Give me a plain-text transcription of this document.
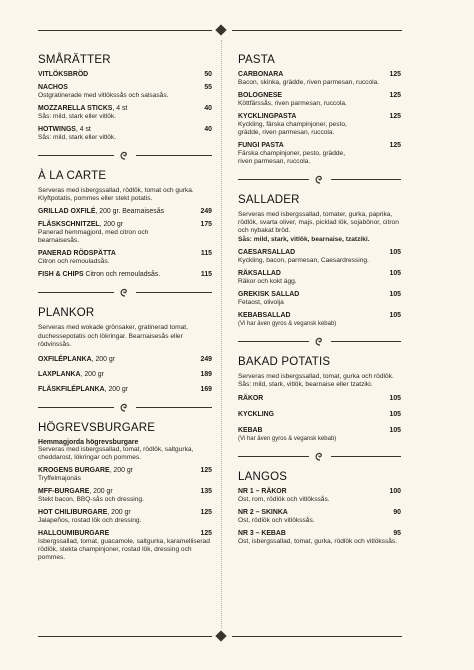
SMÅRÄTTER
VITLÖKSBRÖD	50
NACHOS	55
Ostgratinerade med vitlökssås och salsasås.
MOZZARELLA STICKS, 4 st	40
Sås: mild, stark eller vitlök.
HOTWINGS, 4 st	40
Sås: mild, stark eller vitlök.
À LA CARTE
Serveras med isbergssallad, rödlök, tomat och gurka. Klyftpotatis, pommes eller stekt potatis.
GRILLAD OXFILÉ, 200 gr. Bearnaisesås	249
FLÄSKSCHNITZEL, 200 gr	175
Panerad hemmagjord, med citron och bearnaisesås.
PANERAD RÖDSPÄTTA	115
Citron och remouladsås.
FISH & CHIPS Citron och remouladsås.	115
PLANKOR
Serveras med wokade grönsaker, gratinerad tomat, duchessepotatis och lökringar. Bearnaisesås eller rödvinssås.
OXFILÉPLANKA, 200 gr	249
LAXPLANKA, 200 gr	189
FLÄSKFILÉPLANKA, 200 gr	169
HÖGREVSBURGARE
Hemmagjorda högrevsburgare
Serveras med isbergssallad, tomat, rödlök, saltgurka, cheddarost, lökringar och pommes.
KROGENS BURGARE, 200 gr	125
Tryffelmajonäs
MFF-BURGARE, 200 gr	135
Stekt bacon, BBQ-sås och dressing.
HOT CHILIBURGARE, 200 gr	125
Jalapeños, rostad lök och dressing.
HALLOUMIBURGARE	125
Isbergssallad, tomat, guacamole, saltgurka, karamelliserad rödlök, stekta champinjoner, rostad lök, dressing och pommes.
PASTA
CARBONARA	125
Bacon, skinka, grädde, riven parmesan, ruccola.
BOLOGNESE	125
Köttfärssås, riven parmesan, ruccola.
KYCKLINGPASTA	125
Kyckling, färska champinjoner, pesto, grädde, riven parmesan, ruccola.
FUNGI PASTA	125
Färska champinjoner, pesto, grädde, riven parmesan, ruccola.
SALLADER
Serveras med isbergssallad, tomater, gurka, paprika, rödlök, svarta oliver, majs, picklad lök, sojabönor, citron och nybakat bröd.
Sås: mild, stark, vitlök, bearnaise, tzatziki.
CAESARSALLAD	105
Kyckling, bacon, parmesan, Caesardressing.
RÄKSALLAD	105
Räkor och kokt ägg.
GREKISK SALLAD	105
Fetaost, olivolja
KEBABSALLAD	105
(Vi har även gyros & vegansk kebab)
BAKAD POTATIS
Serveras med isbergssallad, tomat, gurka och rödlök. Sås: mild, stark, vitlök, bearnaise eller tzatziki.
RÄKOR	105
KYCKLING	105
KEBAB	105
(Vi har även gyros & vegansk kebab)
LANGOS
NR 1 – RÄKOR	100
Ost, rom, rödlök och vitlökssås.
NR 2 – SKINKA	90
Ost, rödlök och vitlökssås.
NR 3 – KEBAB	95
Ost, isbergssallad, tomat, gurka, rödlök och vitlökssås.
